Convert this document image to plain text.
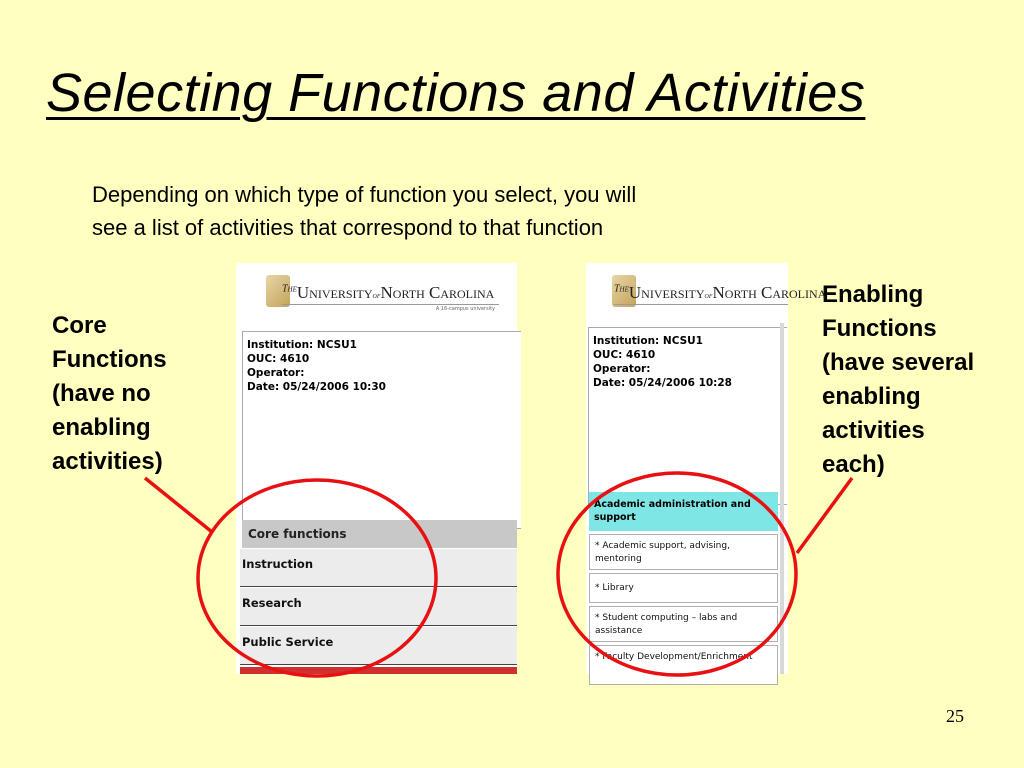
Selecting Functions and Activities
Depending on which type of function you select, you will
see a list of activities that correspond to that function
Core
Functions
(have no
enabling
activities)
Enabling
Functions
(have several
enabling
activities
each)
$^{The}$UniversityofNorth Carolina
A 16-campus university
Institution: NCSU1
OUC: 4610
Operator:
Date: 05/24/2006 10:30
Core functions
Instruction
Research
Public Service
$^{The}$UniversityofNorth Carolina
Institution: NCSU1
OUC: 4610
Operator:
Date: 05/24/2006 10:28
Academic administration and support
* Academic support, advising, mentoring
* Library
* Student computing – labs and assistance
* Faculty Development/Enrichment
25
